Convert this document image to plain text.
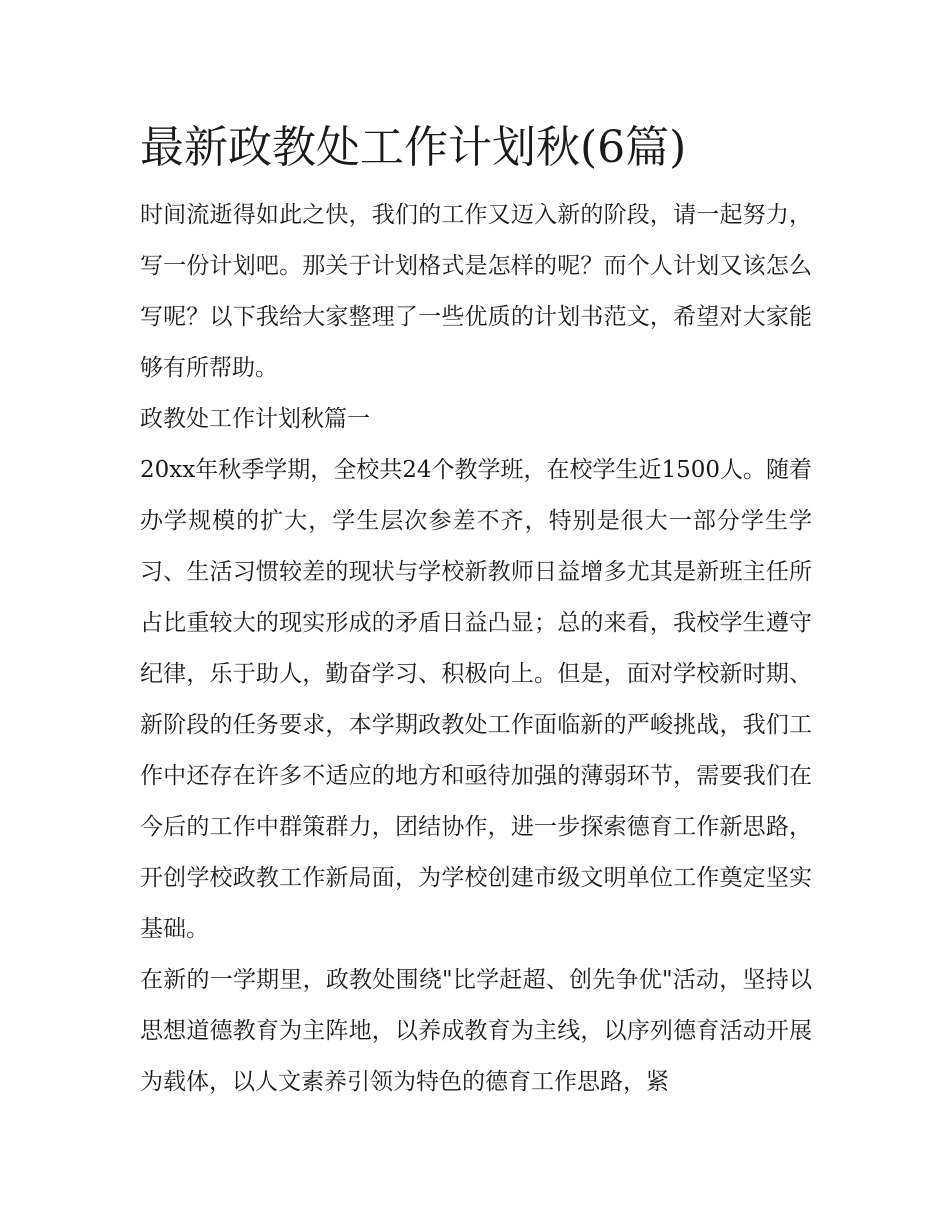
最新政教处工作计划秋(6篇)

时间流逝得如此之快，我们的工作又迈入新的阶段，请一起努力，写一份计划吧。那关于计划格式是怎样的呢？而个人计划又该怎么写呢？以下我给大家整理了一些优质的计划书范文，希望对大家能够有所帮助。

政教处工作计划秋篇一

20xx年秋季学期，全校共24个教学班，在校学生近1500人。随着办学规模的扩大，学生层次参差不齐，特别是很大一部分学生学习、生活习惯较差的现状与学校新教师日益增多尤其是新班主任所占比重较大的现实形成的矛盾日益凸显；总的来看，我校学生遵守纪律，乐于助人，勤奋学习、积极向上。但是，面对学校新时期、新阶段的任务要求，本学期政教处工作面临新的严峻挑战，我们工作中还存在许多不适应的地方和亟待加强的薄弱环节，需要我们在今后的工作中群策群力，团结协作，进一步探索德育工作新思路，开创学校政教工作新局面，为学校创建市级文明单位工作奠定坚实基础。

在新的一学期里，政教处围绕"比学赶超、创先争优"活动，坚持以思想道德教育为主阵地，以养成教育为主线，以序列德育活动开展为载体，以人文素养引领为特色的德育工作思路，紧
